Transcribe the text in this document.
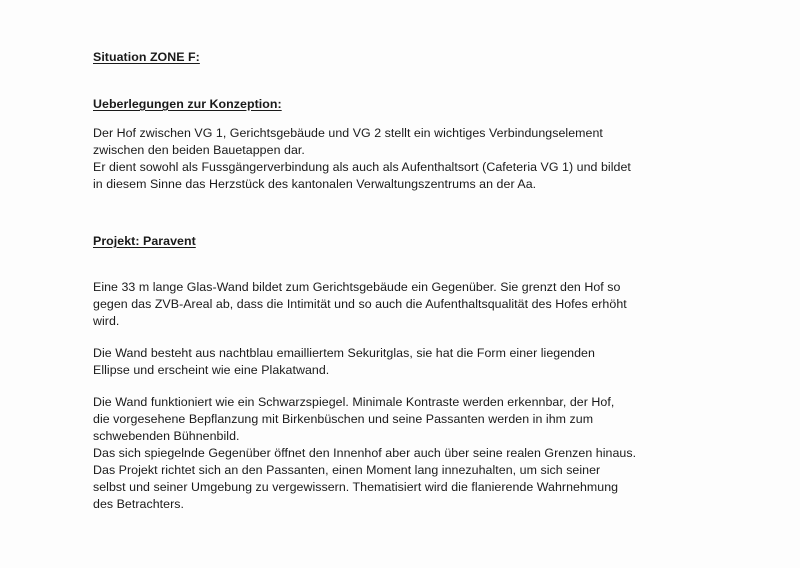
Situation ZONE F:
Ueberlegungen zur Konzeption:
Der Hof zwischen VG 1, Gerichtsgebäude und VG 2 stellt ein wichtiges Verbindungselement
zwischen den beiden Bauetappen dar.
Er dient sowohl als Fussgängerverbindung als auch als Aufenthaltsort (Cafeteria VG 1) und bildet
in diesem Sinne das Herzstück des kantonalen Verwaltungszentrums an der Aa.
Projekt: Paravent
Eine 33 m lange Glas-Wand bildet zum Gerichtsgebäude ein Gegenüber. Sie grenzt den Hof so
gegen das ZVB-Areal ab, dass die Intimität und so auch die Aufenthaltsqualität des Hofes erhöht
wird.
Die Wand besteht aus nachtblau emailliertem Sekuritglas, sie hat die Form einer liegenden
Ellipse und erscheint wie eine Plakatwand.
Die Wand funktioniert wie ein Schwarzspiegel. Minimale Kontraste werden erkennbar, der Hof,
die vorgesehene Bepflanzung mit Birkenbüschen und seine Passanten werden in ihm zum
schwebenden Bühnenbild.
Das sich spiegelnde Gegenüber öffnet den Innenhof aber auch über seine realen Grenzen hinaus.
Das Projekt richtet sich an den Passanten, einen Moment lang innezuhalten, um sich seiner
selbst und seiner Umgebung zu vergewissern. Thematisiert wird die flanierende Wahrnehmung
des Betrachters.
